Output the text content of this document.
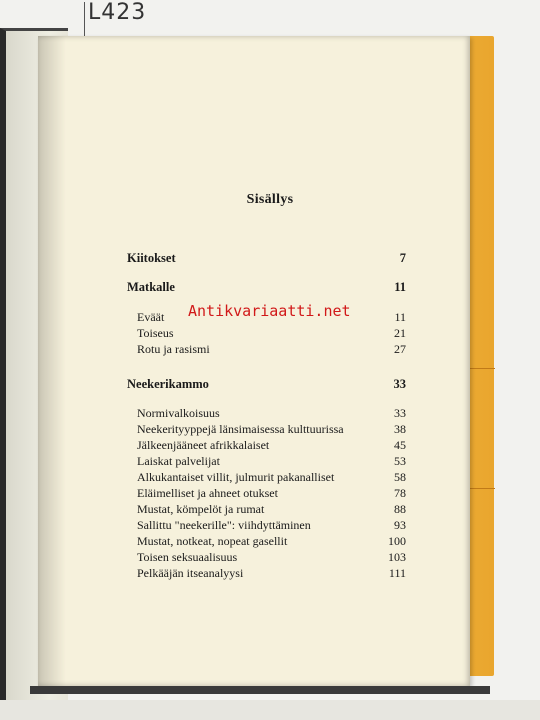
L423
Sisällys
Kiitokset	7
Matkalle	11
Eväät	11
Toiseus	21
Rotu ja rasismi	27
Neekerikammo	33
Normivalkoisuus	33
Neekerityyppejä länsimaisessa kulttuurissa	38
Jälkeenjääneet afrikkalaiset	45
Laiskat palvelijat	53
Alkukantaiset villit, julmurit pakanalliset	58
Eläimelliset ja ahneet otukset	78
Mustat, kömpelöt ja rumat	88
Sallittu "neekerille": viihdyttäminen	93
Mustat, notkeat, nopeat gasellit	100
Toisen seksuaalisuus	103
Pelkääjän itseanalyysi	111
Antikvariaatti.net
